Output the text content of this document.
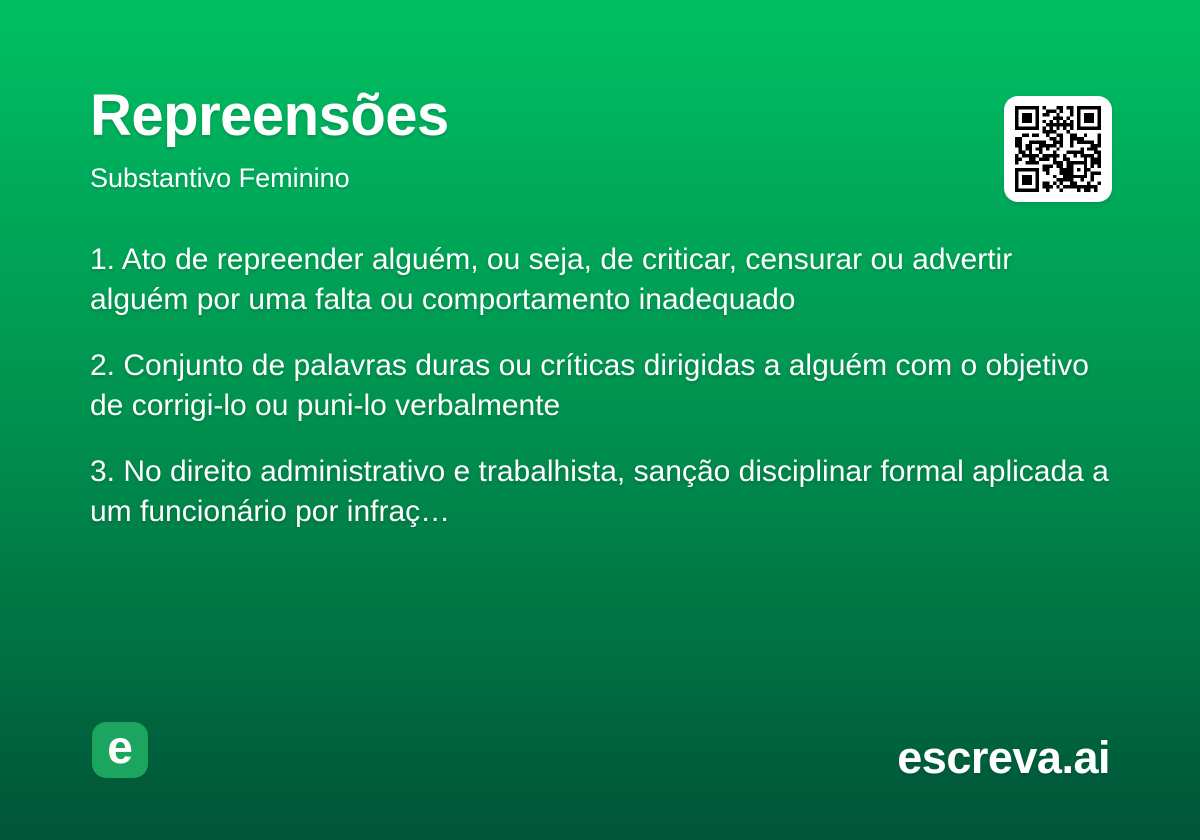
Repreensões
Substantivo Feminino

1. Ato de repreender alguém, ou seja, de criticar, censurar ou advertir alguém por uma falta ou comportamento inadequado

2. Conjunto de palavras duras ou críticas dirigidas a alguém com o objetivo de corrigi-lo ou puni-lo verbalmente

3. No direito administrativo e trabalhista, sanção disciplinar formal aplicada a um funcionário por infraç…

e	escreva.ai
